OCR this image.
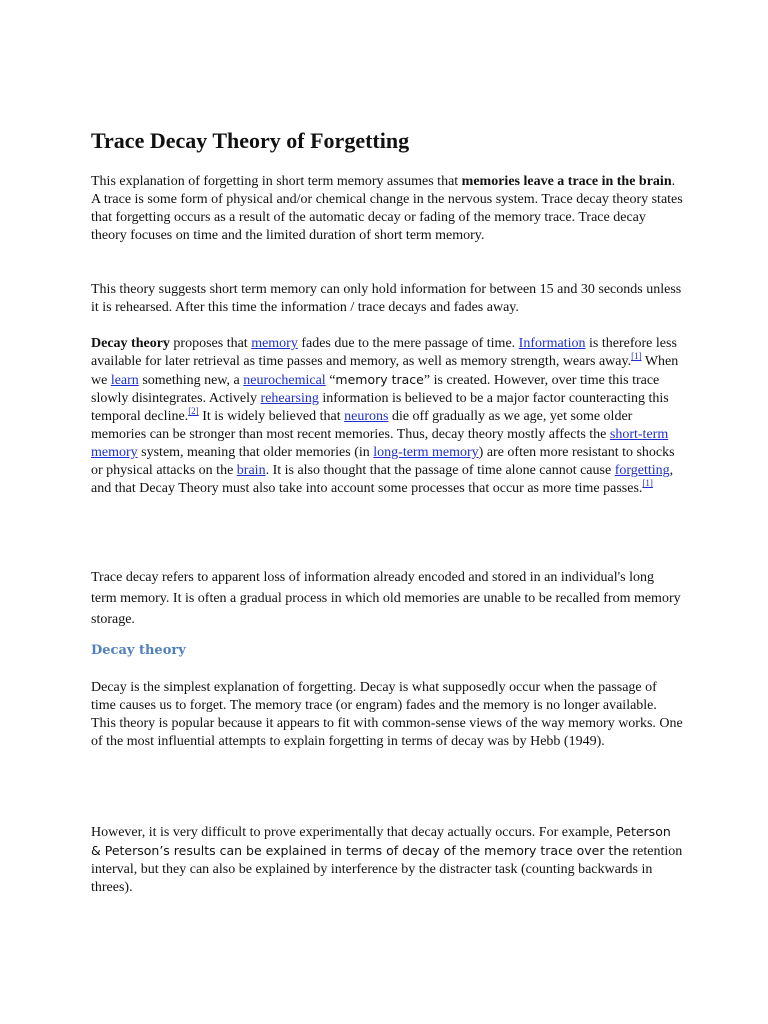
Trace Decay Theory of Forgetting

This explanation of forgetting in short term memory assumes that memories leave a trace in the brain. A trace is some form of physical and/or chemical change in the nervous system. Trace decay theory states that forgetting occurs as a result of the automatic decay or fading of the memory trace. Trace decay theory focuses on time and the limited duration of short term memory.

This theory suggests short term memory can only hold information for between 15 and 30 seconds unless it is rehearsed. After this time the information / trace decays and fades away.

Decay theory proposes that memory fades due to the mere passage of time. Information is therefore less available for later retrieval as time passes and memory, as well as memory strength, wears away.[1] When we learn something new, a neurochemical “memory trace” is created. However, over time this trace slowly disintegrates. Actively rehearsing information is believed to be a major factor counteracting this temporal decline.[2] It is widely believed that neurons die off gradually as we age, yet some older memories can be stronger than most recent memories. Thus, decay theory mostly affects the short-term memory system, meaning that older memories (in long-term memory) are often more resistant to shocks or physical attacks on the brain. It is also thought that the passage of time alone cannot cause forgetting, and that Decay Theory must also take into account some processes that occur as more time passes.[1]

Trace decay refers to apparent loss of information already encoded and stored in an individual's long term memory. It is often a gradual process in which old memories are unable to be recalled from memory storage.

Decay theory

Decay is the simplest explanation of forgetting. Decay is what supposedly occur when the passage of time causes us to forget. The memory trace (or engram) fades and the memory is no longer available. This theory is popular because it appears to fit with common-sense views of the way memory works. One of the most influential attempts to explain forgetting in terms of decay was by Hebb (1949).

However, it is very difficult to prove experimentally that decay actually occurs. For example, Peterson & Peterson’s results can be explained in terms of decay of the memory trace over the retention interval, but they can also be explained by interference by the distracter task (counting backwards in threes).
